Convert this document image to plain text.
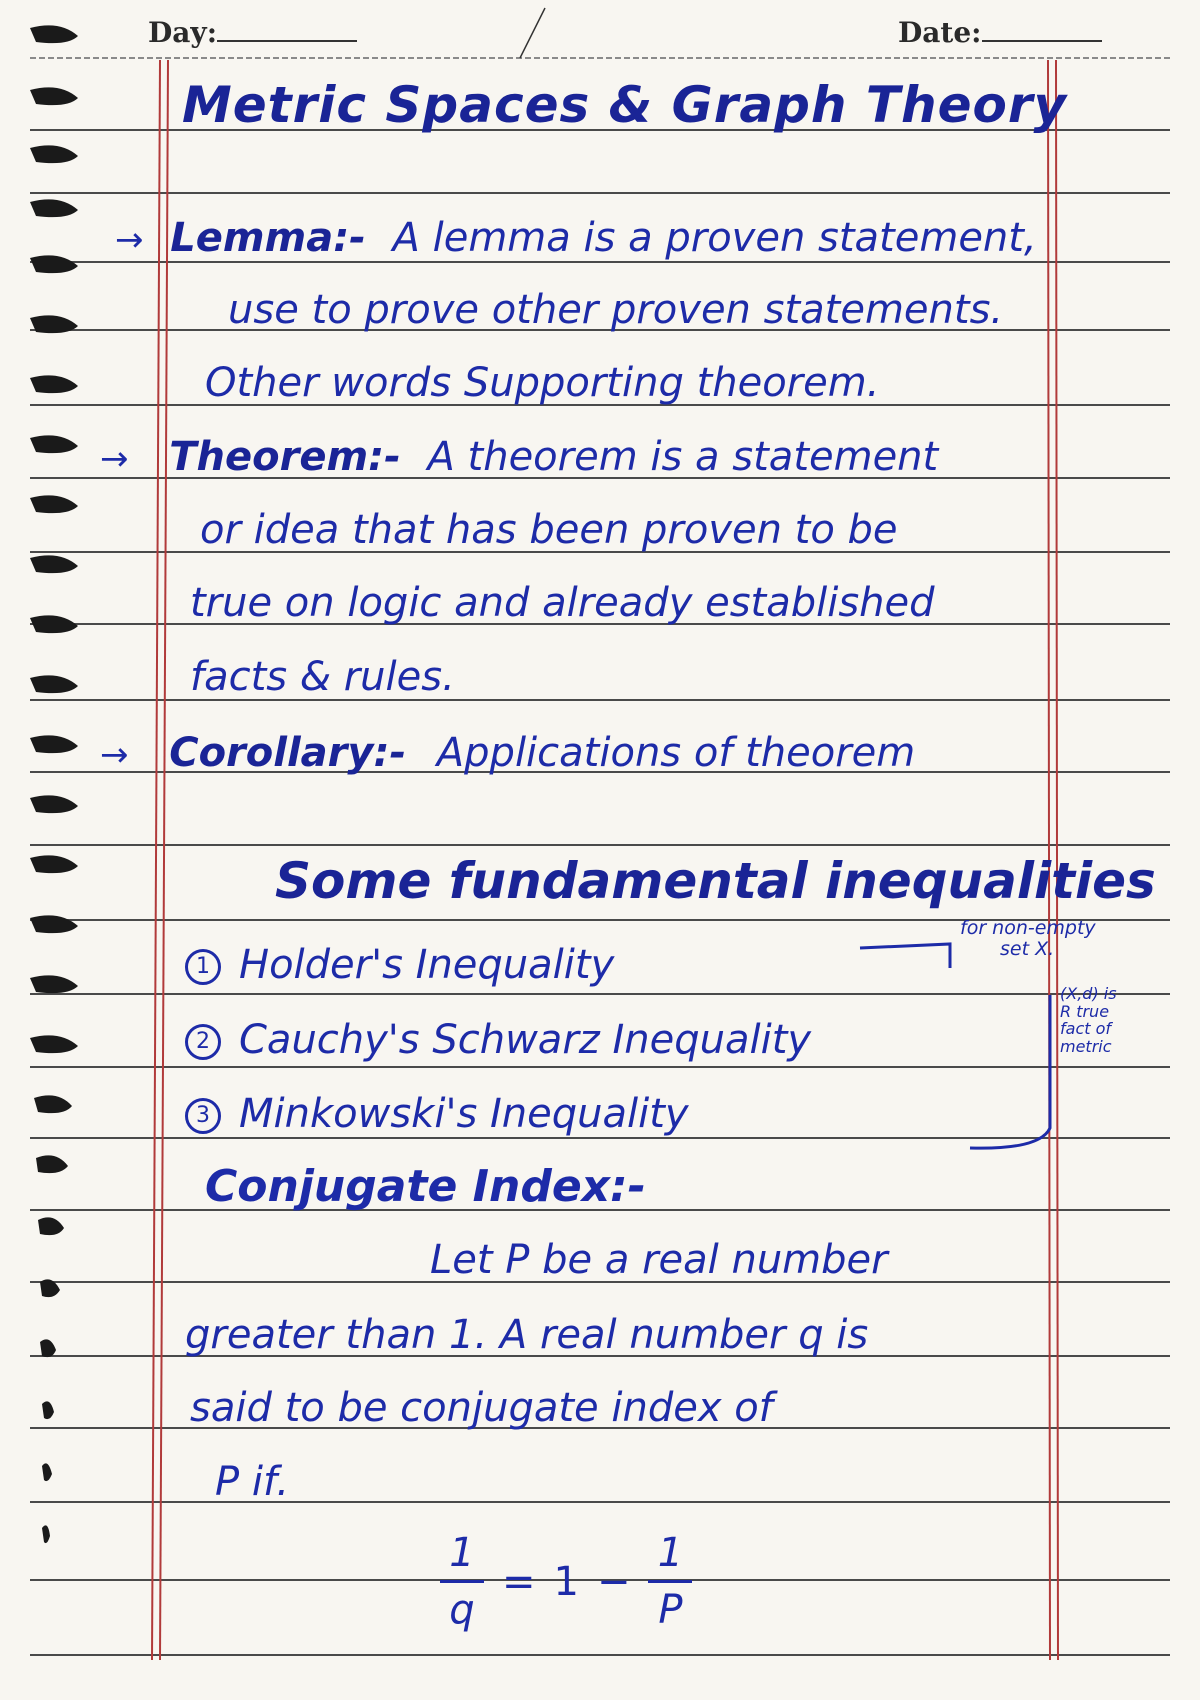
Day:	Date:
Metric Spaces & Graph Theory
→ Lemma:- A lemma is a proven statement,
use to prove other proven statements.
Other words Supporting theorem.
→ Theorem:- A theorem is a statement
or idea that has been proven to be
true on logic and already established
facts & rules.
→ Corollary:- Applications of theorem
Some fundamental inequalities
1 Holder's Inequality
2 Cauchy's Schwarz Inequality
3 Minkowski's Inequality
for non-empty
set X.
(X,d) is
R true
fact of
metric
Conjugate Index:-
Let P be a real number
greater than 1. A real number q is
said to be conjugate index of
P if.
$\frac{1}{q} = 1 - \frac{1}{P}$
